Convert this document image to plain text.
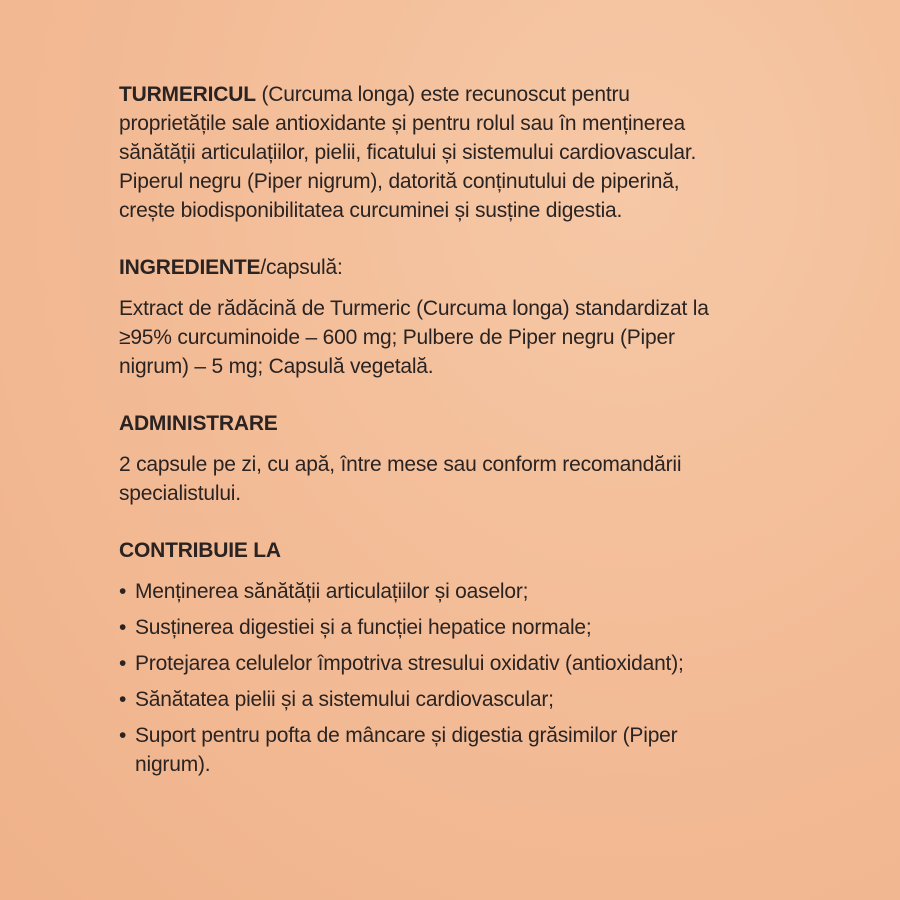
TURMERICUL (Curcuma longa) este recunoscut pentru proprietățile sale antioxidante și pentru rolul sau în menținerea sănătății articulațiilor, pielii, ficatului și sistemului cardiovascular. Piperul negru (Piper nigrum), datorită conținutului de piperină, crește biodisponibilitatea curcuminei și susține digestia.

INGREDIENTE/capsulă:

Extract de rădăcină de Turmeric (Curcuma longa) standardizat la ≥95% curcuminoide – 600 mg; Pulbere de Piper negru (Piper nigrum) – 5 mg; Capsulă vegetală.

ADMINISTRARE

2 capsule pe zi, cu apă, între mese sau conform recomandării specialistului.

CONTRIBUIE LA

• Menținerea sănătății articulațiilor și oaselor;
• Susținerea digestiei și a funcției hepatice normale;
• Protejarea celulelor împotriva stresului oxidativ (antioxidant);
• Sănătatea pielii și a sistemului cardiovascular;
• Suport pentru pofta de mâncare și digestia grăsimilor (Piper nigrum).
